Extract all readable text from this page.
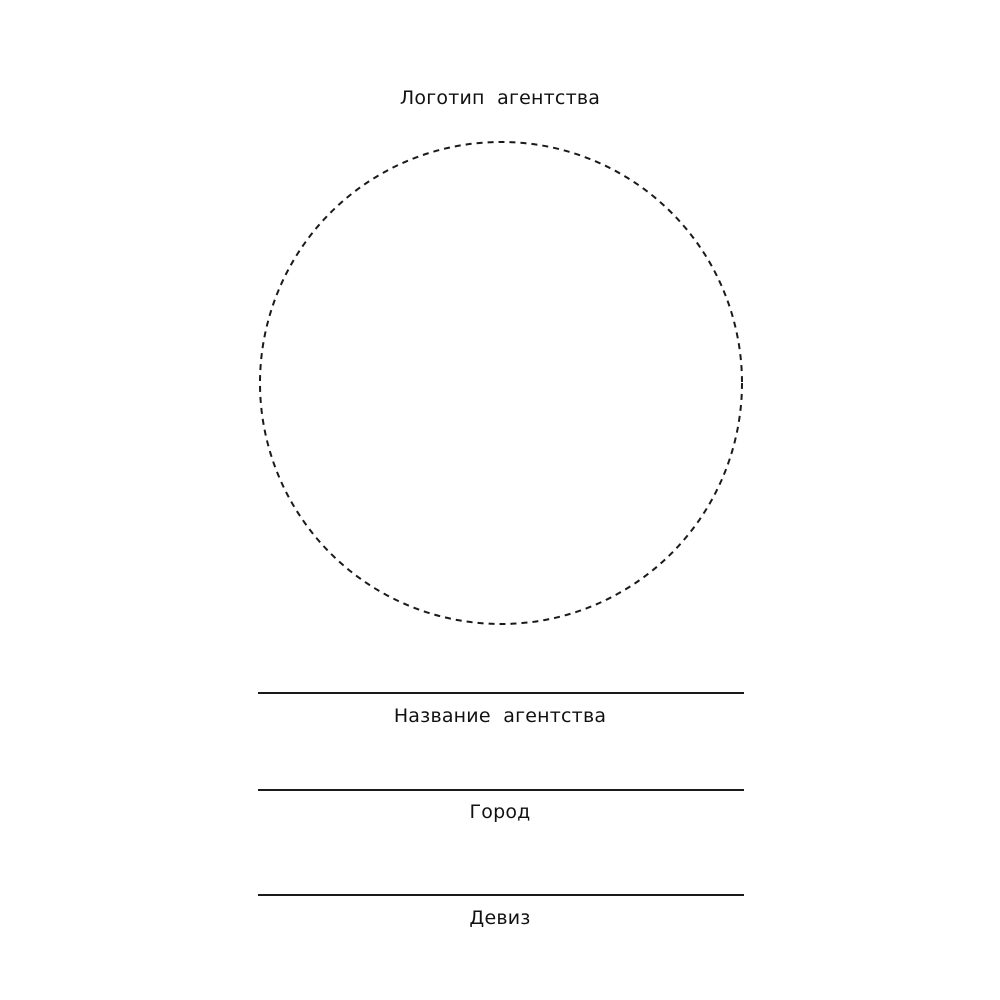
Логотип  агентства
Название  агентства
Город
Девиз
